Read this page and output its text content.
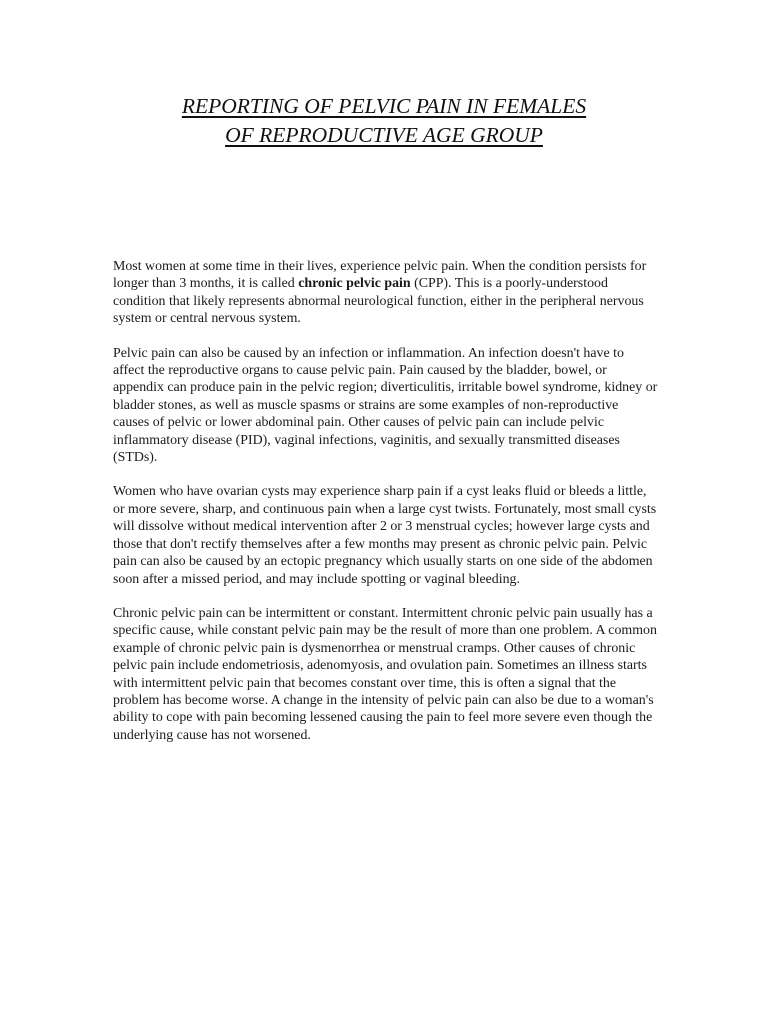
REPORTING OF PELVIC PAIN IN FEMALES
OF REPRODUCTIVE AGE GROUP

Most women at some time in their lives, experience pelvic pain. When the condition persists for longer than 3 months, it is called chronic pelvic pain (CPP). This is a poorly-understood condition that likely represents abnormal neurological function, either in the peripheral nervous system or central nervous system.

Pelvic pain can also be caused by an infection or inflammation. An infection doesn't have to affect the reproductive organs to cause pelvic pain. Pain caused by the bladder, bowel, or appendix can produce pain in the pelvic region; diverticulitis, irritable bowel syndrome, kidney or bladder stones, as well as muscle spasms or strains are some examples of non-reproductive causes of pelvic or lower abdominal pain. Other causes of pelvic pain can include pelvic inflammatory disease (PID), vaginal infections, vaginitis, and sexually transmitted diseases (STDs).

Women who have ovarian cysts may experience sharp pain if a cyst leaks fluid or bleeds a little, or more severe, sharp, and continuous pain when a large cyst twists. Fortunately, most small cysts will dissolve without medical intervention after 2 or 3 menstrual cycles; however large cysts and those that don't rectify themselves after a few months may present as chronic pelvic pain. Pelvic pain can also be caused by an ectopic pregnancy which usually starts on one side of the abdomen soon after a missed period, and may include spotting or vaginal bleeding.

Chronic pelvic pain can be intermittent or constant. Intermittent chronic pelvic pain usually has a specific cause, while constant pelvic pain may be the result of more than one problem. A common example of chronic pelvic pain is dysmenorrhea or menstrual cramps. Other causes of chronic pelvic pain include endometriosis, adenomyosis, and ovulation pain. Sometimes an illness starts with intermittent pelvic pain that becomes constant over time, this is often a signal that the problem has become worse. A change in the intensity of pelvic pain can also be due to a woman's ability to cope with pain becoming lessened causing the pain to feel more severe even though the underlying cause has not worsened.
